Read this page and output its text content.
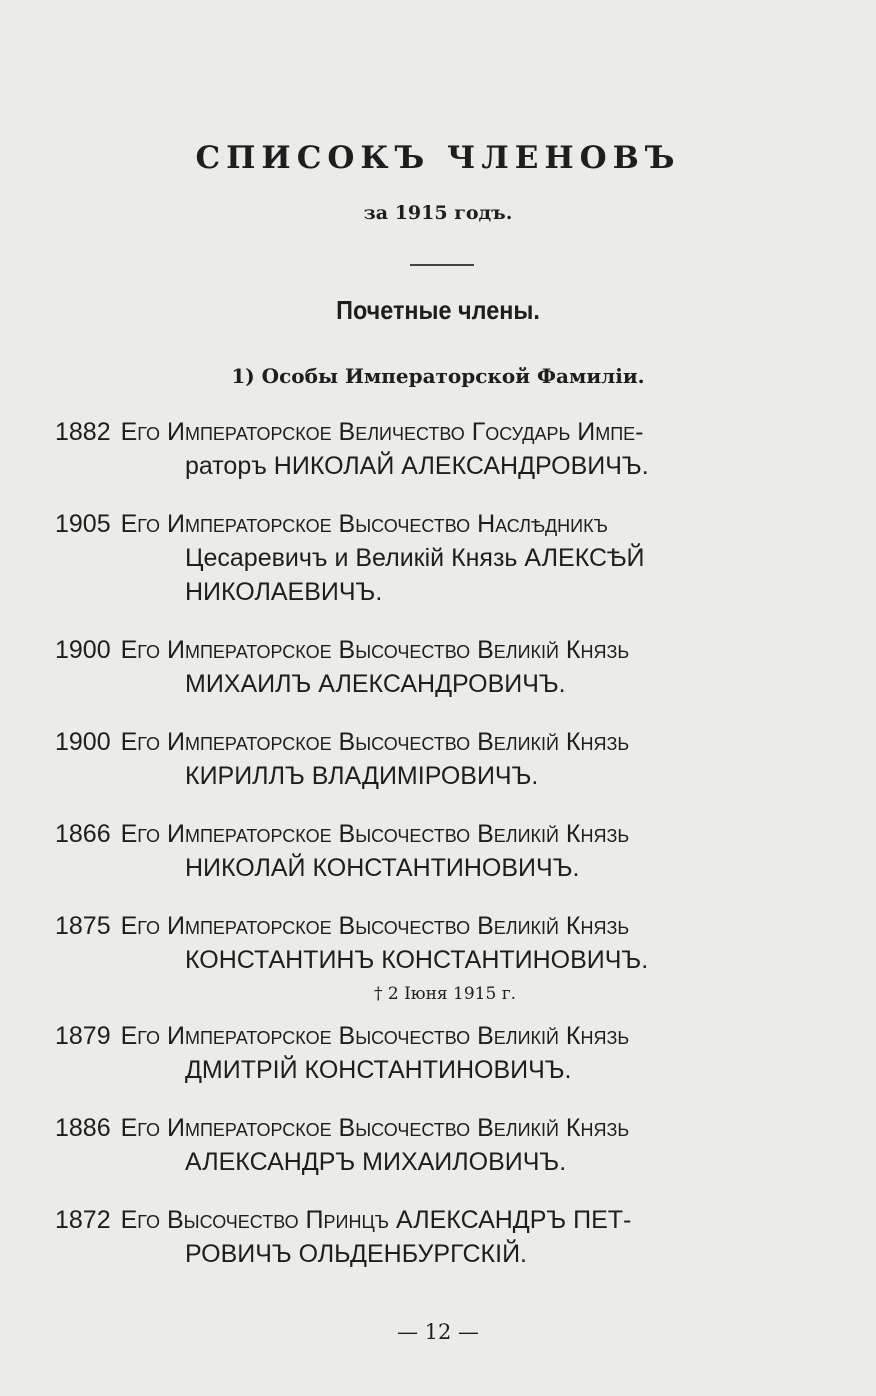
СПИСОКЪ ЧЛЕНОВЪ
за 1915 годъ.
Почетные члены.
1) Особы Императорской Фамиліи.
1882 Его Императорское Величество Государь Импе-
раторъ НИКОЛАЙ АЛЕКСАНДРОВИЧЪ.
1905 Его Императорское Высочество Наслѣдникъ
Цесаревичъ и Великій Князь АЛЕКСѢЙ
НИКОЛАЕВИЧЪ.
1900 Его Императорское Высочество Великій Князь
МИХАИЛЪ АЛЕКСАНДРОВИЧЪ.
1900 Его Императорское Высочество Великій Князь
КИРИЛЛЪ ВЛАДИМІРОВИЧЪ.
1866 Его Императорское Высочество Великій Князь
НИКОЛАЙ КОНСТАНТИНОВИЧЪ.
1875 Его Императорское Высочество Великій Князь
КОНСТАНТИНЪ КОНСТАНТИНОВИЧЪ.
† 2 Іюня 1915 г.
1879 Его Императорское Высочество Великій Князь
ДМИТРІЙ КОНСТАНТИНОВИЧЪ.
1886 Его Императорское Высочество Великій Князь
АЛЕКСАНДРЪ МИХАИЛОВИЧЪ.
1872 Его Высочество Принцъ АЛЕКСАНДРЪ ПЕТ-
РОВИЧЪ ОЛЬДЕНБУРГСКІЙ.
— 12 —
